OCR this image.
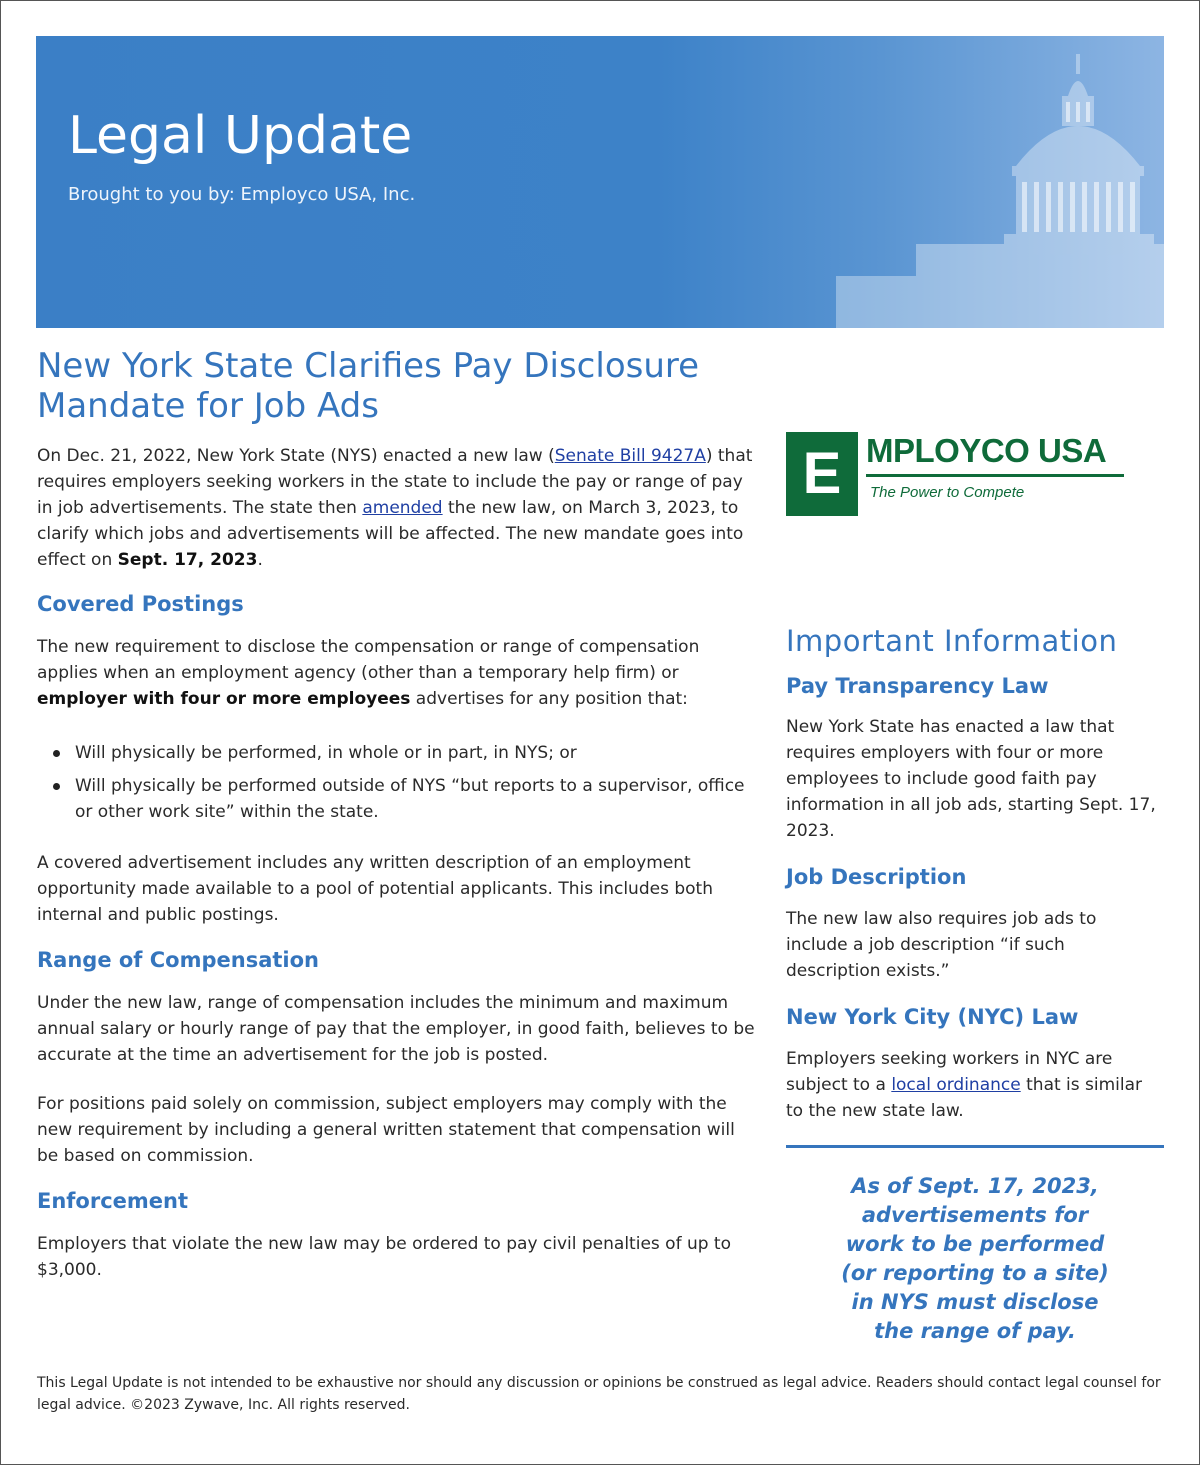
Legal Update
Brought to you by: Employco USA, Inc.
New York State Clarifies Pay Disclosure
Mandate for Job Ads

On Dec. 21, 2022, New York State (NYS) enacted a new law (Senate Bill 9427A) that requires employers seeking workers in the state to include the pay or range of pay in job advertisements. The state then amended the new law, on March 3, 2023, to clarify which jobs and advertisements will be affected. The new mandate goes into effect on Sept. 17, 2023.

E MPLOYCO USA
The Power to Compete
Covered Postings

The new requirement to disclose the compensation or range of compensation applies when an employment agency (other than a temporary help firm) or employer with four or more employees advertises for any position that:

Will physically be performed, in whole or in part, in NYS; or
Will physically be performed outside of NYS “but reports to a supervisor, office or other work site” within the state.

A covered advertisement includes any written description of an employment opportunity made available to a pool of potential applicants. This includes both internal and public postings.

Range of Compensation

Under the new law, range of compensation includes the minimum and maximum annual salary or hourly range of pay that the employer, in good faith, believes to be accurate at the time an advertisement for the job is posted.

For positions paid solely on commission, subject employers may comply with the new requirement by including a general written statement that compensation will be based on commission.

Enforcement

Employers that violate the new law may be ordered to pay civil penalties of up to $3,000.

Important Information
Pay Transparency Law

New York State has enacted a law that requires employers with four or more employees to include good faith pay information in all job ads, starting Sept. 17, 2023.

Job Description

The new law also requires job ads to include a job description “if such description exists.”

New York City (NYC) Law

Employers seeking workers in NYC are subject to a local ordinance that is similar to the new state law.

As of Sept. 17, 2023,
advertisements for
work to be performed
(or reporting to a site)
in NYS must disclose
the range of pay.

This Legal Update is not intended to be exhaustive nor should any discussion or opinions be construed as legal advice. Readers should contact legal counsel for legal advice. ©2023 Zywave, Inc. All rights reserved.
